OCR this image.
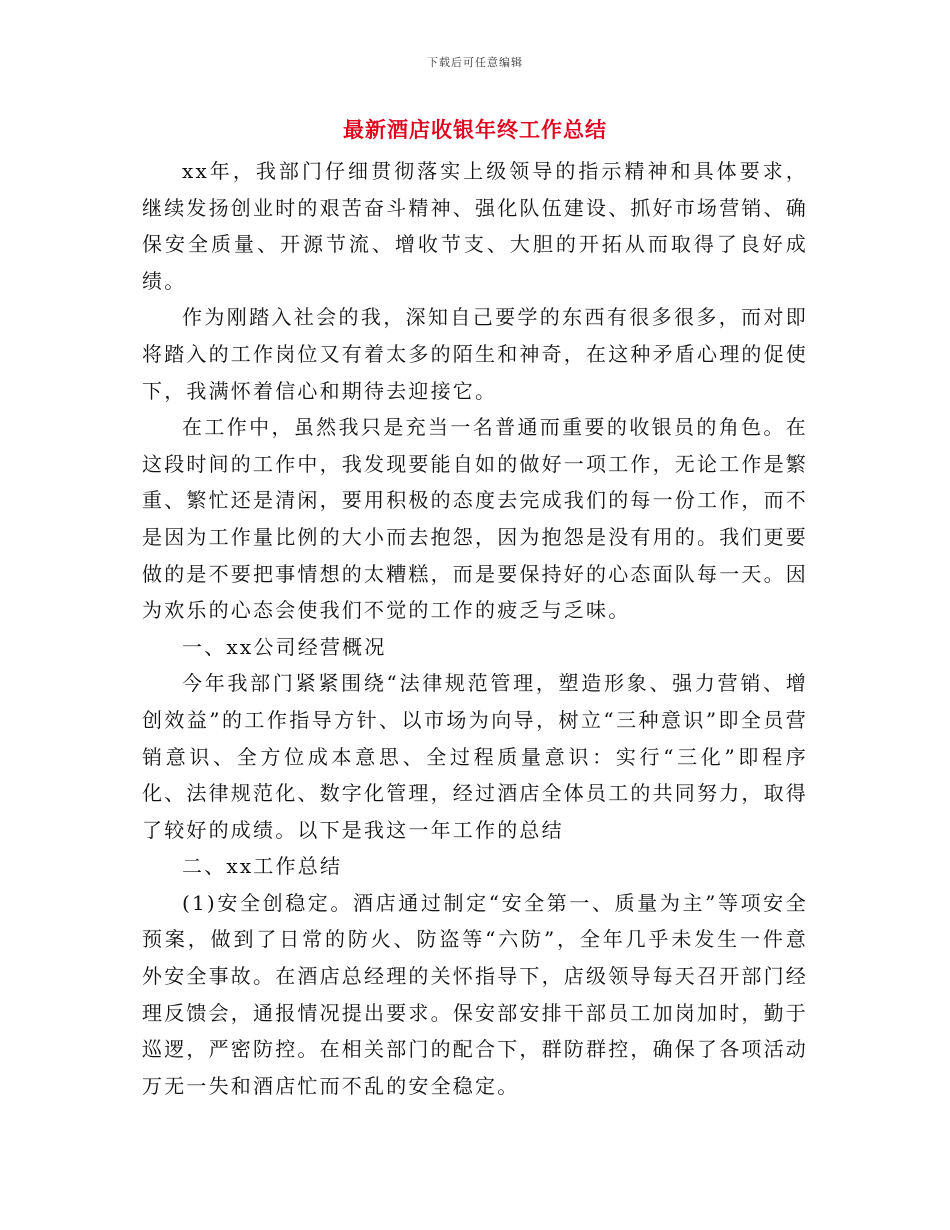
下载后可任意编辑
最新酒店收银年终工作总结

xx年，我部门仔细贯彻落实上级领导的指示精神和具体要求，继续发扬创业时的艰苦奋斗精神、强化队伍建设、抓好市场营销、确保安全质量、开源节流、增收节支、大胆的开拓从而取得了良好成绩。

作为刚踏入社会的我，深知自己要学的东西有很多很多，而对即将踏入的工作岗位又有着太多的陌生和神奇，在这种矛盾心理的促使下，我满怀着信心和期待去迎接它。

在工作中，虽然我只是充当一名普通而重要的收银员的角色。在这段时间的工作中，我发现要能自如的做好一项工作，无论工作是繁重、繁忙还是清闲，要用积极的态度去完成我们的每一份工作，而不是因为工作量比例的大小而去抱怨，因为抱怨是没有用的。我们更要做的是不要把事情想的太糟糕，而是要保持好的心态面队每一天。因为欢乐的心态会使我们不觉的工作的疲乏与乏味。

一、xx公司经营概况

今年我部门紧紧围绕“法律规范管理，塑造形象、强力营销、增创效益”的工作指导方针、以市场为向导，树立“三种意识”即全员营销意识、全方位成本意思、全过程质量意识：实行“三化”即程序化、法律规范化、数字化管理，经过酒店全体员工的共同努力，取得了较好的成绩。以下是我这一年工作的总结

二、xx工作总结

(1)安全创稳定。酒店通过制定“安全第一、质量为主”等项安全预案，做到了日常的防火、防盗等“六防”，全年几乎未发生一件意外安全事故。在酒店总经理的关怀指导下，店级领导每天召开部门经理反馈会，通报情况提出要求。保安部安排干部员工加岗加时，勤于巡逻，严密防控。在相关部门的配合下，群防群控，确保了各项活动万无一失和酒店忙而不乱的安全稳定。
